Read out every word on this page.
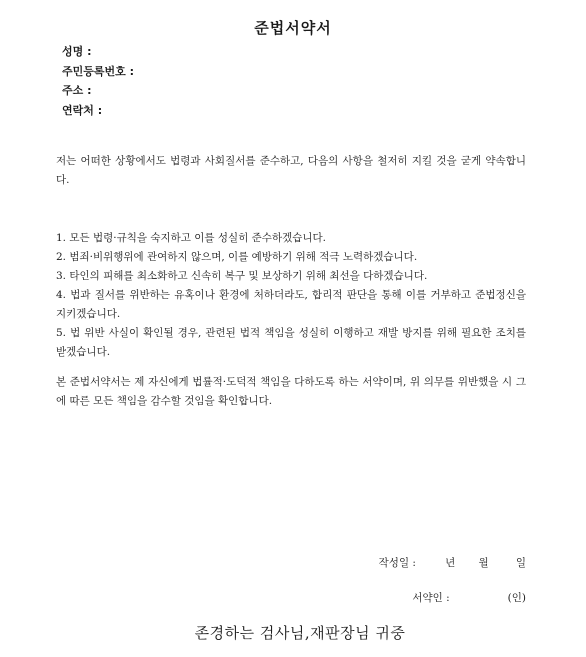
준법서약서
성명 :
주민등록번호 :
주소 :
연락처 :

저는 어떠한 상황에서도 법령과 사회질서를 준수하고, 다음의 사항을 철저히 지킬 것을 굳게 약속합니다.

1. 모든 법령·규칙을 숙지하고 이를 성실히 준수하겠습니다.
2. 범죄·비위행위에 관여하지 않으며, 이를 예방하기 위해 적극 노력하겠습니다.
3. 타인의 피해를 최소화하고 신속히 복구 및 보상하기 위해 최선을 다하겠습니다.
4. 법과 질서를 위반하는 유혹이나 환경에 처하더라도, 합리적 판단을 통해 이를 거부하고 준법정신을 지키겠습니다.
5. 법 위반 사실이 확인될 경우, 관련된 법적 책임을 성실히 이행하고 재발 방지를 위해 필요한 조치를 받겠습니다.

본 준법서약서는 제 자신에게 법률적·도덕적 책임을 다하도록 하는 서약이며, 위 의무를 위반했을 시 그에 따른 모든 책임을 감수할 것임을 확인합니다.

작성일 :	년 월	일
서약인 :	(인)
존경하는 검사님,재판장님 귀중
